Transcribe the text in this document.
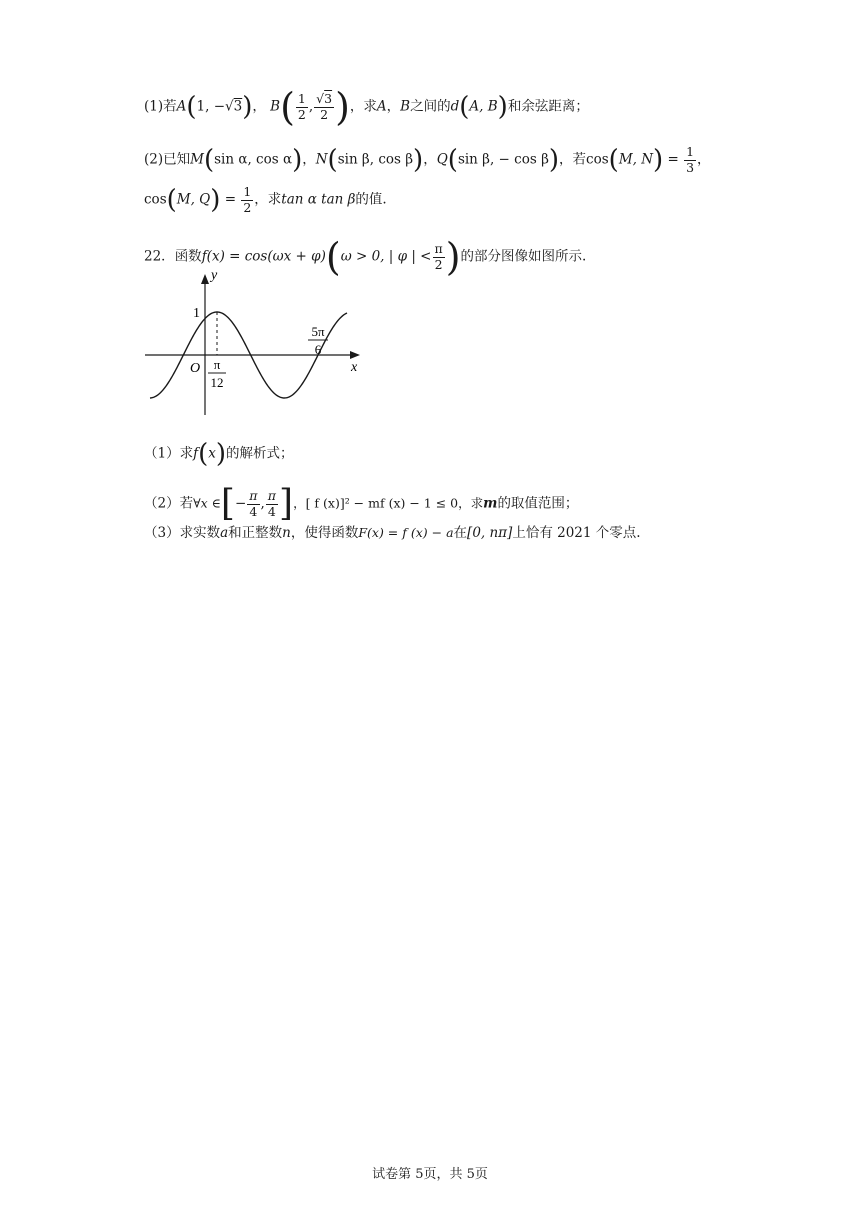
(1)若A(1, −√3)， $B( \frac{1}{2}$ , $\frac{√3}{2}$ )，求A，B之间的d(A, B)和余弦距离；
(2)已知M(sin α, cos α)，N(sin β, cos β)，Q(sin β, − cos β)，若cos(M, $N) = \frac{1}{3}$ ，
cos(M, $Q) = \frac{1}{2}$ ，求tan α tan β的值.
22．函数f(x) = cos(ωx + φ)(ω > 0, | φ | < $\frac{\pi}{2}$ )的部分图像如图所示.
y
x
O
1
π
12
5π
6
（1）求f(x)的解析式；
（2）若∀x ∈[− $\frac{\pi}{4}$ , $\frac{\pi}{4}$ ]，[ f (x)]² − mf (x) − 1 ≤ 0，求m的取值范围；
（3）求实数a和正整数n，使得函数F(x) = f (x) − a在[0, nπ]上恰有 2021 个零点.
试卷第 5页，共 5页
